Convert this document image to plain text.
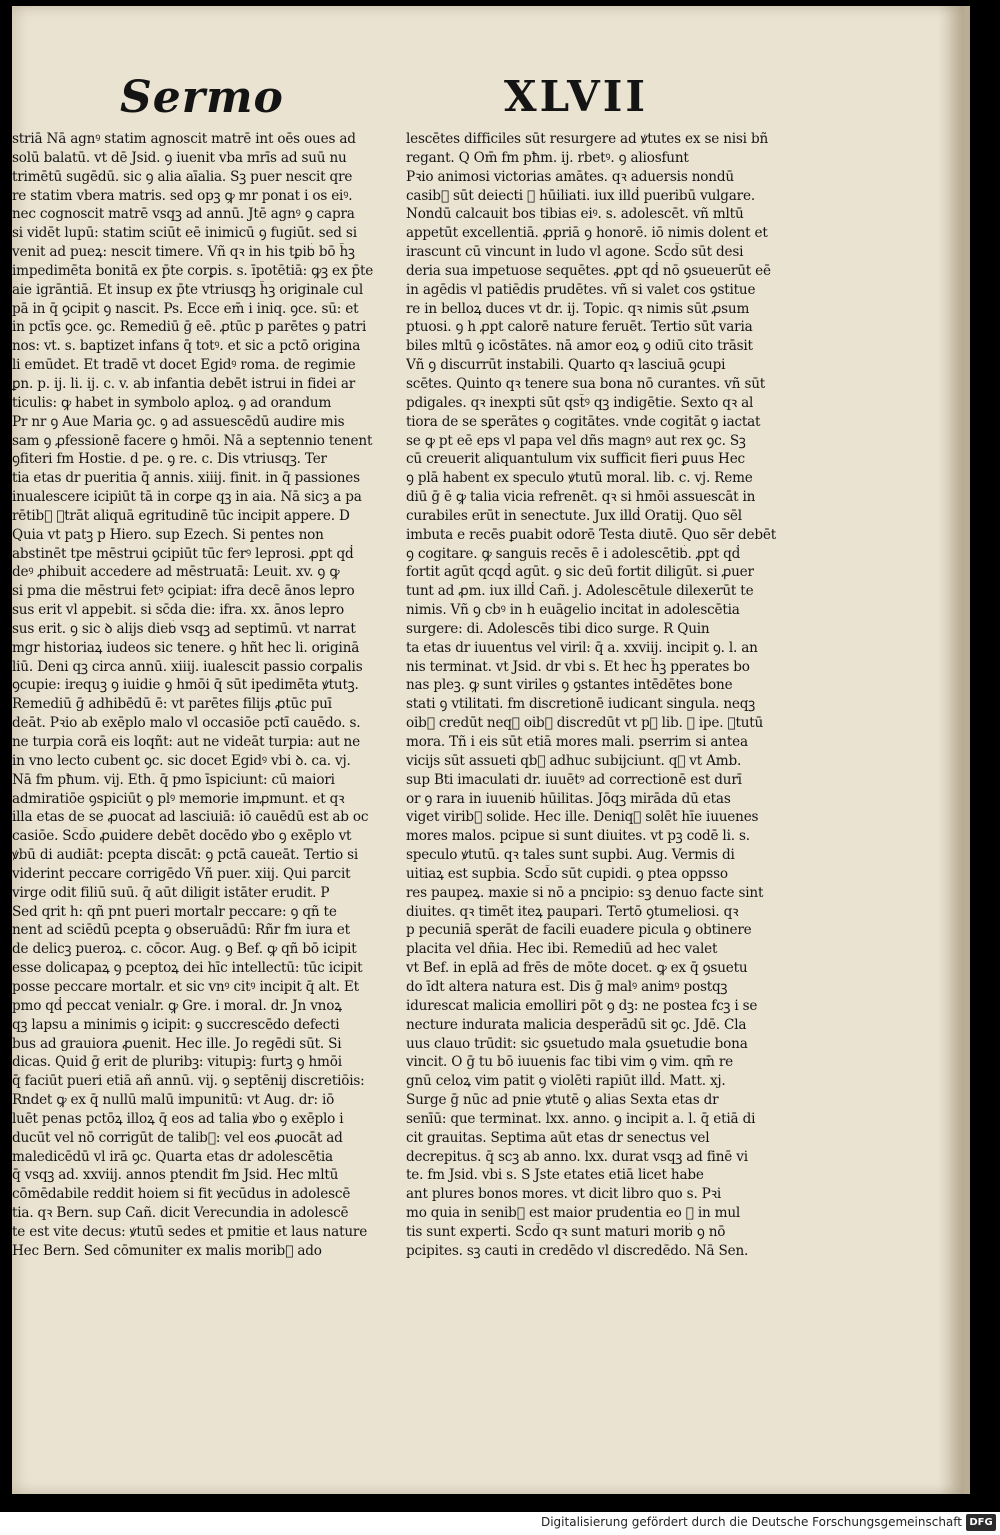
Sermo	XLVII
striā Nā agnꝰ statim agnoscit matrē int oēs oues ad
solū balatū. vt dē Jsid. ꝯ iuenit vba mrīs ad suū nu
trimētū sugēdū. sic ꝯ alia aīalia. Sꝫ puer nescit qre
re statim vbera matris. sed opꝫ ꝙ mr ponat i os eiꝰ.
nec cognoscit matrē vsqꝫ ad annū. Jtē agnꝰ ꝯ capra
si vidēt lupū: statim sciūt eē inimicū ꝯ fugiūt. sed si
venit ad pueꝝ: nescit timere. Vñ qꝛ in his tꝑib᷒ bō h̄ꝫ
impedimēta bonitā ex p̄te corꝑis. s. īpotētiā: ꝙꝫ ex p̄te
aie igrāntiā. Et insup ex p̄te vtriusqꝫ h̄ꝫ originale cul
pā in q̄ ꝯcipit ꝯ nascit. Ps. Ecce em̄ i iniq. ꝯce. sū: et
in pctīs ꝯce. ꝯc. Remediū ḡ eē. ꝓtūc p parētes ꝯ patri
nos: vt. s. baptizet infans q̄ totꝰ. et sic a pctō origina
li emūdet. Et tradē vt docet Egidꝰ roma. de regimie
ꝑn. p. ij. li. ij. c. v. ab infantia debēt istrui in fidei ar
ticulis: ꝙ habet in symbolo aploꝝ. ꝯ ad orandum
Pr nr ꝯ Aue Maria ꝯc. ꝯ ad assuescēdū audire mis
sam ꝯ ꝓfessionē facere ꝯ hmōi. Nā a septennio tenent
ꝯfiteri fm Hostie. d pe. ꝯ re. c. Dis vtriusqꝫ. Ter
tia etas dr pueritia q̄ annis. xiiij. finit. in q̄ passiones
inualescere icipiūt tā in corꝑe qꝫ in aia. Nā sicꝫ a pa
rētib᷒ ꝯtrāt aliquā egritudinē tūc incipit appere. D
Quia vt patꝫ p Hiero. sup Ezech. Si pentes non
abstinēt tpe mēstrui ꝯcipiūt tūc ferꝰ leprosi. ꝓpt qḋ
deꝰ ꝓhibuit accedere ad mēstruatā: Leuit. xv. ꝯ ꝙ
si pma die mēstrui fetꝰ ꝯcipiat: ifra decē ānos lepro
sus erit vl appebit. si sc̄da die: ifra. xx. ānos lepro
sus erit. ꝯ sic ꝺ alijs dieb᷒ vsqꝫ ad septimū. vt narrat
mgr historiaꝝ iudeos sic tenere. ꝯ hñt hec li. originā
liū. Deni qꝫ circa annū. xiiij. iualescit passio corꝑalis
ꝯcupie: irequꝫ ꝯ iuidie ꝯ hmōi q̄ sūt ipedimēta ꝟtutꝫ.
Remediū ḡ adhibēdū ē: vt parētes filijs ꝓtūc puī
deāt. Pꝛio ab exēplo malo vl occasiōe pctī cauēdo. s.
ne turpia corā eis loqñt: aut ne videāt turpia: aut ne
in vno lecto cubent ꝯc. sic docet Egidꝰ vbi ꝺ. ca. vj.
Nā fm pħum. vij. Eth. q̄ pmo īspiciunt: cū maiori
admiratiōe ꝯspiciūt ꝯ plꝰ memorie imꝓmunt. et qꝛ
illa etas de se ꝓuocat ad lasciuiā: iō cauēdū est ab oc
casiōe. Scd̄o ꝓuidere debēt docēdo ꝟbo ꝯ exēplo vt
ꝟbū di audiāt: pcepta discāt: ꝯ pctā caueāt. Tertio si
viderint peccare corrigēdo Vñ puer. xiij. Qui parcit
virge odit filiū suū. q̄ aūt diligit istāter erudit. P
Sed qrit h: qñ pnt pueri mortalr peccare: ꝯ qñ te
nent ad sciēdū pcepta ꝯ obseruādū: Rñr fm iura et
de delicꝫ pueroꝝ. c. cōcor. Aug. ꝯ Bef. ꝙ qñ bō icipit
esse dolicapaꝝ ꝯ pceptoꝝ dei hīc intellectū: tūc icipit
posse peccare mortalr. et sic vnꝰ citꝰ incipit q̄ alt. Et
pmo qḋ peccat venialr. ꝙ Gre. i moral. dr. Jn vnoꝝ
qꝫ lapsu a minimis ꝯ icipit: ꝯ succrescēdo defecti
bus ad grauiora ꝓuenit. Hec ille. Jo regēdi sūt. Si
dicas. Quid ḡ erit de pluribꝫ: vitupiꝫ: furtꝫ ꝯ hmōi
q̄ faciūt pueri etiā añ annū. vij. ꝯ septēnij discretiōis:
Rndet ꝙ ex q̄ nullū malū impunitū: vt Aug. dr: iō
luēt penas pctōꝝ illoꝝ q̄ eos ad talia ꝟbo ꝯ exēplo i
ducūt vel nō corrigūt de talib᷒: vel eos ꝓuocāt ad
maledicēdū vl irā ꝯc. Quarta etas dr adolescētia
q̄ vsqꝫ ad. xxviij. annos ptendit fm Jsid. Hec mltū
cōmēdabile reddit hoiem si fit ꝟecūdus in adolescē
tia. qꝛ Bern. sup Cañ. dicit Verecundia in adolescē
te est vite decus: ꝟtutū sedes et pmitie et laus nature
Hec Bern. Sed cōmuniter ex malis morib᷒ ado
lescētes difficiles sūt resurgere ad ꝟtutes ex se nisi bñ
regant. Q Om̄ fm pħm. ij. rbetꝰ. ꝯ aliosfunt
Pꝛio animosi victorias amātes. qꝛ aduersis nondū
casib᷒ sūt deiecti ꝯ hūiliati. iux illḋ pueribū vulgare.
Nondū calcauit bos tibias eiꝰ. s. adolescēt. vñ mltū
appetūt excellentiā. ꝓpriā ꝯ honorē. iō nimis dolent et
irascunt cū vincunt in ludo vl agone. Scd̄o sūt desi
deria sua impetuose sequētes. ꝓpt qḋ nō ꝯsueuerūt eē
in agēdis vl patiēdis prudētes. vñ si valet cos ꝯstitue
re in belloꝝ duces vt dr. ij. Topic. qꝛ nimis sūt ꝓsum
ptuosi. ꝯ h ꝓpt calorē nature feruēt. Tertio sūt varia
biles mltū ꝯ icōstātes. nā amor eoꝝ ꝯ odiū cito trāsit
Vñ ꝯ discurrūt instabili. Quarto qꝛ lasciuā ꝯcupi
scētes. Quinto qꝛ tenere sua bona nō curantes. vñ sūt
pdigales. qꝛ inexpti sūt qst̄ꝰ qꝫ indigētie. Sexto qꝛ al
tiora de se sꝑerātes ꝯ cogitātes. vnde cogitāt ꝯ iactat
se ꝙ pt eē eps vl papa vel dñs magnꝰ aut rex ꝯc. Sꝫ
cū creuerit aliquantulum vix sufficit fieri ꝑuus Hec
ꝯ plā habent ex speculo ꝟtutū moral. lib. c. vj. Reme
diū ḡ ē ꝙ talia vicia refrenēt. qꝛ si hmōi assuescāt in
curabiles erūt in senectute. Jux illḋ Oratij. Quo sēl
imbuta e recēs ꝑuabit odorē Testa diutē. Quo sēr debēt
ꝯ cogitare. ꝙ sanguis recēs ē i adolescētib᷒. ꝓpt qḋ
fortit agūt qcqḋ agūt. ꝯ sic deū fortit diligūt. si ꝓuer
tunt ad ꝓm. iux illḋ Cañ. j. Adolescētule dilexerūt te
nimis. Vñ ꝯ cbꝰ in h euāgelio incitat in adolescētia
surgere: di. Adolescēs tibi dico surge. R Quin
ta etas dr iuuentus vel viril: q̄ a. xxviij. incipit ꝯ. l. an
nis terminat. vt Jsid. dr vbi s. Et hec h̄ꝫ pperates bo
nas pleꝫ. ꝙ sunt viriles ꝯ ꝯstantes intēdētes bone
stati ꝯ vtilitati. fm discretionē iudicant singula. neqꝫ
oib᷒ credūt neqꝫ oib᷒ discredūt vt pꝫ lib. ꝺ ipe. ꝟtutū
mora. Tñ i eis sūt etiā mores mali. pserrim si antea
vicijs sūt assueti qb᷒ adhuc subijciunt. qꝛ vt Amb.
sup Bti imaculati dr. iuuētꝰ ad correctionē est durī
or ꝯ rara in iuuenib᷒ hūilitas. Jōqꝫ mirāda dū etas
viget virib᷒ solide. Hec ille. Deniqꝫ solēt hīe iuuenes
mores malos. pcipue si sunt diuites. vt pꝫ codē li. s.
speculo ꝟtutū. qꝛ tales sunt supbi. Aug. Vermis di
uitiaꝝ est supbia. Scd̄o sūt cupidi. ꝯ ptea oppsso
res paupeꝝ. maxie si nō a pncipio: sꝫ denuo facte sint
diuites. qꝛ timēt iteꝝ paupari. Tertō ꝯtumeliosi. qꝛ
p pecuniā sꝑerāt de facili euadere picula ꝯ obtinere
placita vel dñia. Hec ibi. Remediū ad hec valet
vt Bef. in eplā ad frēs de mōte docet. ꝙ ex q̄ ꝯsuetu
do īdt altera natura est. Dis ḡ malꝰ animꝰ postqꝫ
idurescat malicia emolliri pōt ꝯ dꝫ: ne postea fcꝫ i se
necture indurata malicia desperādū sit ꝯc. Jdē. Cla
uus clauo trūdit: sic ꝯsuetudo mala ꝯsuetudie bona
vincit. O ḡ tu bō iuuenis fac tibi vim ꝯ vim. qm̄ re
gnū celoꝝ vim patit ꝯ violēti rapiūt illḋ. Matt. xj.
Surge ḡ nūc ad pnie ꝟtutē ꝯ alias Sexta etas dr
senīū: que terminat. lxx. anno. ꝯ incipit a. l. q̄ etiā di
cit grauitas. Septima aūt etas dr senectus vel
decrepitus. q̄ scꝫ ab anno. lxx. durat vsqꝫ ad finē vi
te. fm Jsid. vbi s. S Jste etates etiā licet habe
ant plures bonos mores. vt dicit libro quo s. Pꝛi
mo quia in senib᷒ est maior prudentia eo ꝙ in mul
tis sunt experti. Scd̄o qꝛ sunt maturi morib᷒ ꝯ nō
pcipites. sꝫ cauti in credēdo vl discredēdo. Nā Sen.
Digitalisierung gefördert durch die Deutsche Forschungsgemeinschaft DFG
